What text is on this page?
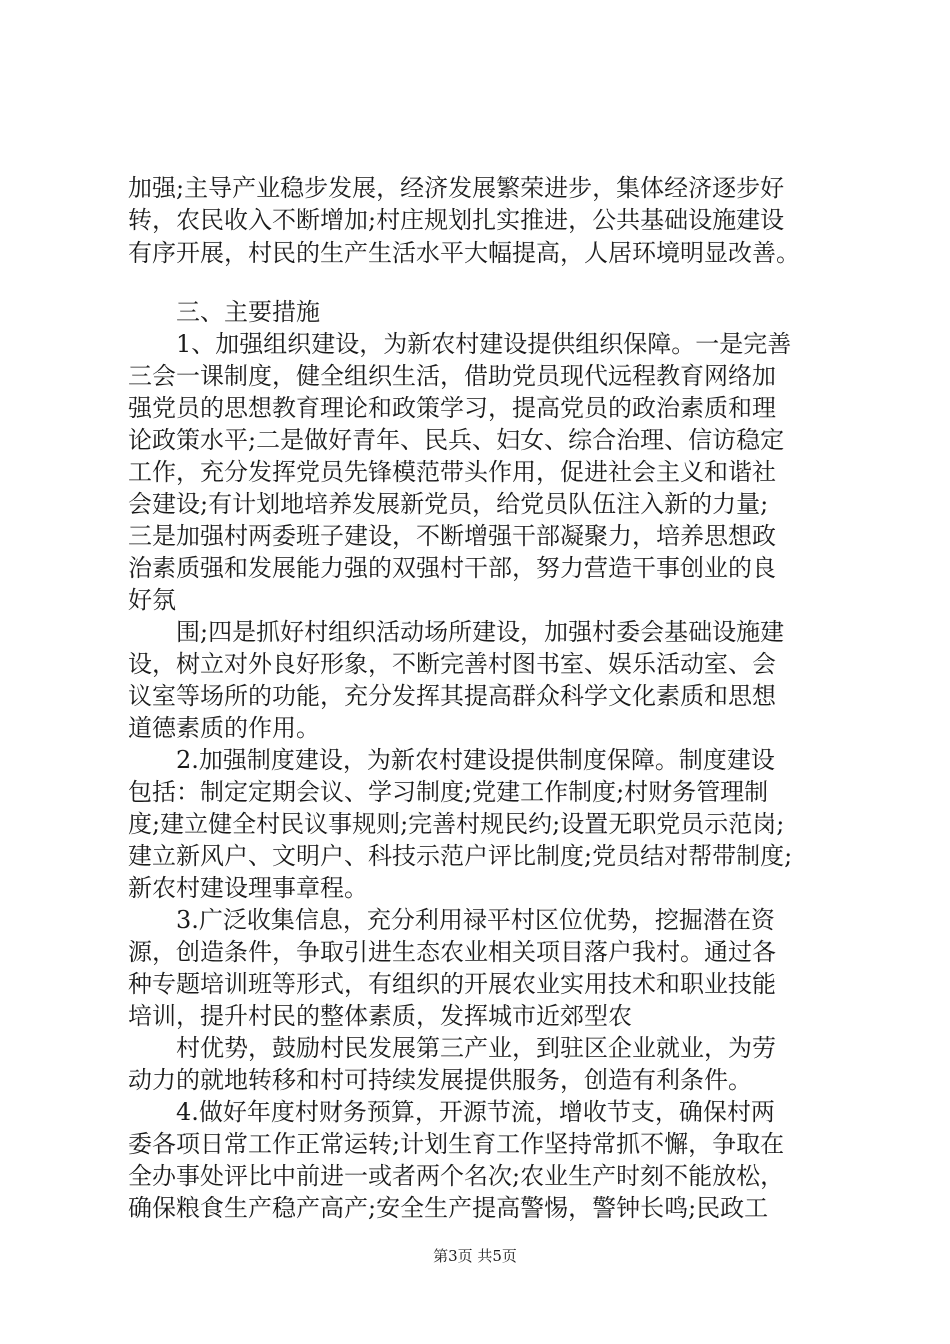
加强;主导产业稳步发展，经济发展繁荣进步，集体经济逐步好
转，农民收入不断增加;村庄规划扎实推进，公共基础设施建设
有序开展，村民的生产生活水平大幅提高，人居环境明显改善。
三、主要措施
1、加强组织建设，为新农村建设提供组织保障。一是完善
三会一课制度，健全组织生活，借助党员现代远程教育网络加
强党员的思想教育理论和政策学习，提高党员的政治素质和理
论政策水平;二是做好青年、民兵、妇女、综合治理、信访稳定
工作，充分发挥党员先锋模范带头作用，促进社会主义和谐社
会建设;有计划地培养发展新党员，给党员队伍注入新的力量;
三是加强村两委班子建设，不断增强干部凝聚力，培养思想政
治素质强和发展能力强的双强村干部，努力营造干事创业的良
好氛
围;四是抓好村组织活动场所建设，加强村委会基础设施建
设，树立对外良好形象，不断完善村图书室、娱乐活动室、会
议室等场所的功能，充分发挥其提高群众科学文化素质和思想
道德素质的作用。
2.加强制度建设，为新农村建设提供制度保障。制度建设
包括：制定定期会议、学习制度;党建工作制度;村财务管理制
度;建立健全村民议事规则;完善村规民约;设置无职党员示范岗;
建立新风户、文明户、科技示范户评比制度;党员结对帮带制度;
新农村建设理事章程。
3.广泛收集信息，充分利用禄平村区位优势，挖掘潜在资
源，创造条件，争取引进生态农业相关项目落户我村。通过各
种专题培训班等形式，有组织的开展农业实用技术和职业技能
培训，提升村民的整体素质，发挥城市近郊型农
村优势，鼓励村民发展第三产业，到驻区企业就业，为劳
动力的就地转移和村可持续发展提供服务，创造有利条件。
4.做好年度村财务预算，开源节流，增收节支，确保村两
委各项日常工作正常运转;计划生育工作坚持常抓不懈，争取在
全办事处评比中前进一或者两个名次;农业生产时刻不能放松，
确保粮食生产稳产高产;安全生产提高警惕，警钟长鸣;民政工
第3页 共5页
